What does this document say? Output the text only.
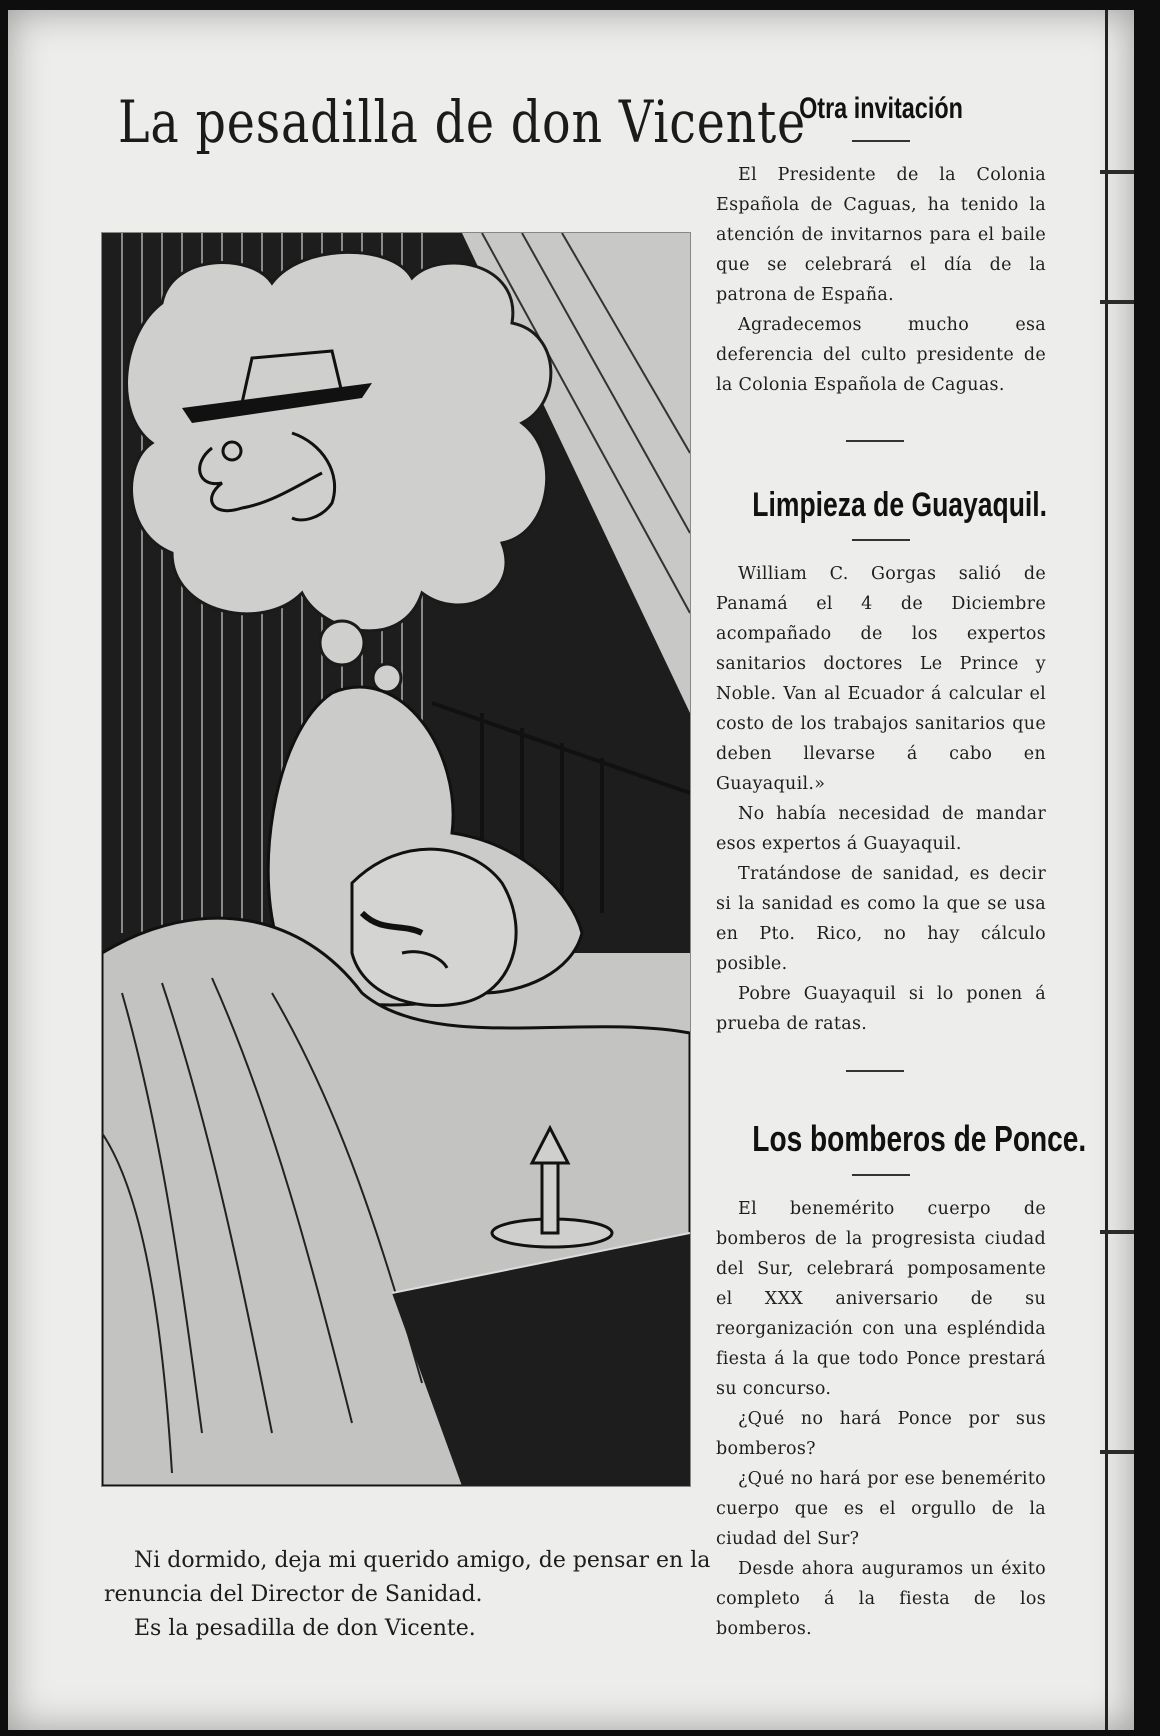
La pesadilla de don Vicente

Ni dormido, deja mi querido amigo, de pensar en la renuncia del Director de Sanidad.

Es la pesadilla de don Vicente.

Otra invitación

El Presidente de la Colonia Española de Caguas, ha tenido la atención de invitarnos para el baile que se celebrará el día de la patrona de España.

Agradecemos mucho esa deferencia del culto presidente de la Colonia Española de Caguas.

Limpieza de Guayaquil.

William C. Gorgas salió de Panamá el 4 de Diciembre acompañado de los expertos sanitarios doctores Le Prince y Noble. Van al Ecuador á calcular el costo de los trabajos sanitarios que deben llevarse á cabo en Guayaquil.»

No había necesidad de mandar esos expertos á Guayaquil.

Tratándose de sanidad, es decir si la sanidad es como la que se usa en Pto. Rico, no hay cálculo posible.

Pobre Guayaquil si lo ponen á prueba de ratas.

Los bomberos de Ponce.

El benemérito cuerpo de bomberos de la progresista ciudad del Sur, celebrará pomposamente el XXX aniversario de su reorganización con una espléndida fiesta á la que todo Ponce prestará su concurso.

¿Qué no hará Ponce por sus bomberos?

¿Qué no hará por ese benemérito cuerpo que es el orgullo de la ciudad del Sur?

Desde ahora auguramos un éxito completo á la fiesta de los bomberos.
